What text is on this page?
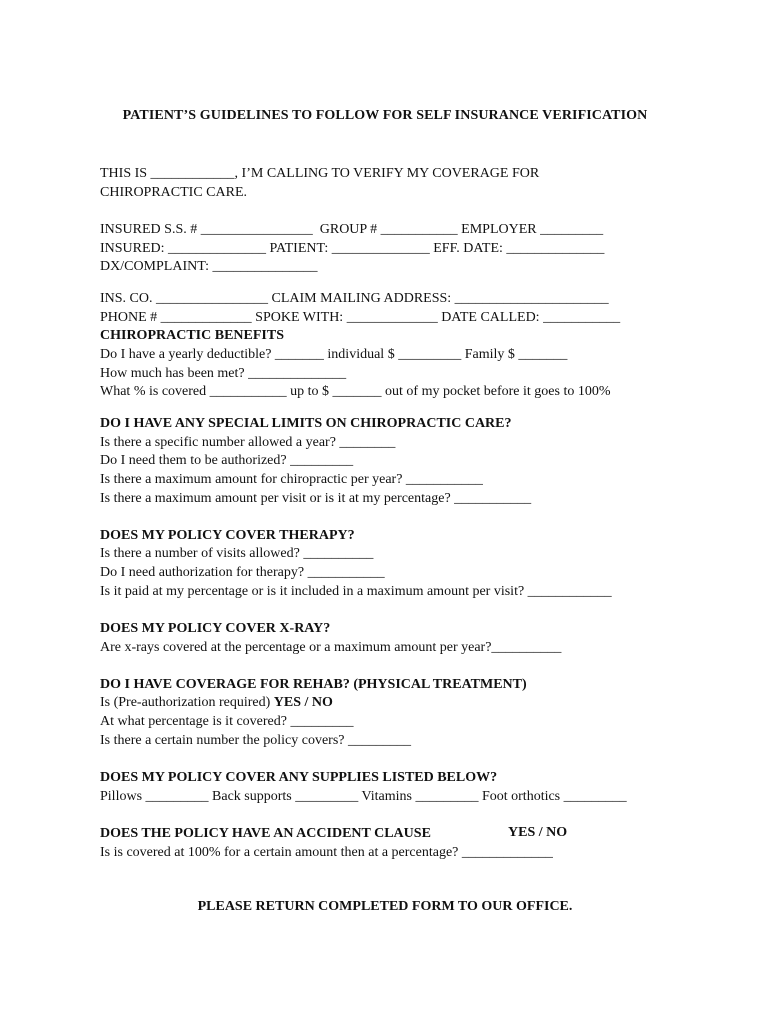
PATIENT’S GUIDELINES TO FOLLOW FOR SELF INSURANCE VERIFICATION
THIS IS ____________, I’M CALLING TO VERIFY MY COVERAGE FOR
CHIROPRACTIC CARE.
INSURED S.S. # ________________  GROUP # ___________ EMPLOYER _________
INSURED: ______________ PATIENT: ______________ EFF. DATE: ______________
DX/COMPLAINT: _______________
INS. CO. ________________ CLAIM MAILING ADDRESS: ______________________
PHONE # _____________ SPOKE WITH: _____________ DATE CALLED: ___________
CHIROPRACTIC BENEFITS
Do I have a yearly deductible? _______ individual $ _________ Family $ _______
How much has been met? ______________
What % is covered ___________ up to $ _______ out of my pocket before it goes to 100%
DO I HAVE ANY SPECIAL LIMITS ON CHIROPRACTIC CARE?
Is there a specific number allowed a year? ________
Do I need them to be authorized? _________
Is there a maximum amount for chiropractic per year? ___________
Is there a maximum amount per visit or is it at my percentage? ___________
DOES MY POLICY COVER THERAPY?
Is there a number of visits allowed? __________
Do I need authorization for therapy? ___________
Is it paid at my percentage or is it included in a maximum amount per visit? ____________
DOES MY POLICY COVER X-RAY?
Are x-rays covered at the percentage or a maximum amount per year?__________
DO I HAVE COVERAGE FOR REHAB? (PHYSICAL TREATMENT)
Is (Pre-authorization required) YES / NO
At what percentage is it covered? _________
Is there a certain number the policy covers? _________
DOES MY POLICY COVER ANY SUPPLIES LISTED BELOW?
Pillows _________ Back supports _________ Vitamins _________ Foot orthotics _________
DOES THE POLICY HAVE AN ACCIDENT CLAUSE	YES / NO
Is is covered at 100% for a certain amount then at a percentage? _____________
PLEASE RETURN COMPLETED FORM TO OUR OFFICE.
